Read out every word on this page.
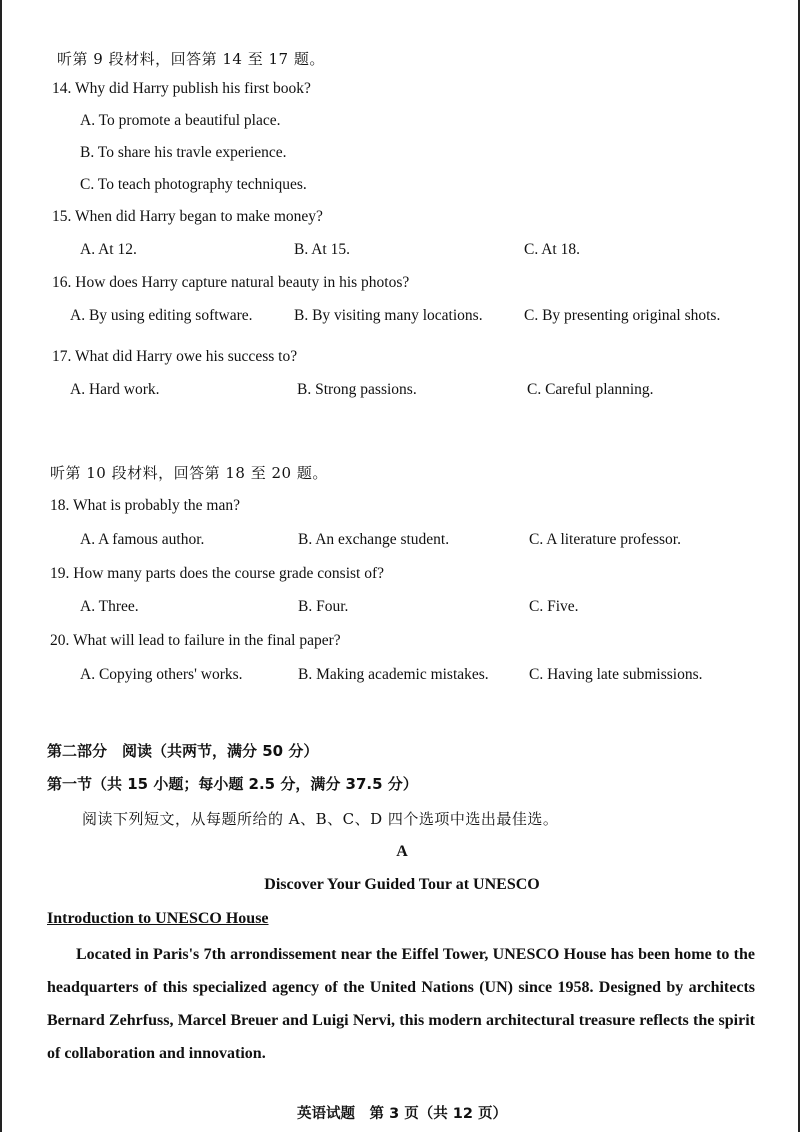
听第 9 段材料，回答第 14 至 17 题。
14. Why did Harry publish his first book?
A. To promote a beautiful place.
B. To share his travle experience.
C. To teach photography techniques.
15. When did Harry began to make money?
A. At 12.	B. At 15.	C. At 18.
16. How does Harry capture natural beauty in his photos?
A. By using editing software.	B. By visiting many locations.	C. By presenting original shots.
17. What did Harry owe his success to?
A. Hard work.	B. Strong passions.	C. Careful planning.
听第 10 段材料，回答第 18 至 20 题。
18. What is probably the man?
A. A famous author.	B. An exchange student.	C. A literature professor.
19. How many parts does the course grade consist of?
A. Three.	B. Four.	C. Five.
20. What will lead to failure in the final paper?
A. Copying others' works.	B. Making academic mistakes.	C. Having late submissions.
第二部分　阅读（共两节，满分 50 分）
第一节（共 15 小题；每小题 2.5 分，满分 37.5 分）
阅读下列短文，从每题所给的 A、B、C、D 四个选项中选出最佳选。
A
Discover Your Guided Tour at UNESCO
Introduction to UNESCO House
Located in Paris's 7th arrondissement near the Eiffel Tower, UNESCO House has been home to the headquarters of this specialized agency of the United Nations (UN) since 1958. Designed by architects Bernard Zehrfuss, Marcel Breuer and Luigi Nervi, this modern architectural treasure reflects the spirit of collaboration and innovation.
英语试题　第 3 页（共 12 页）
